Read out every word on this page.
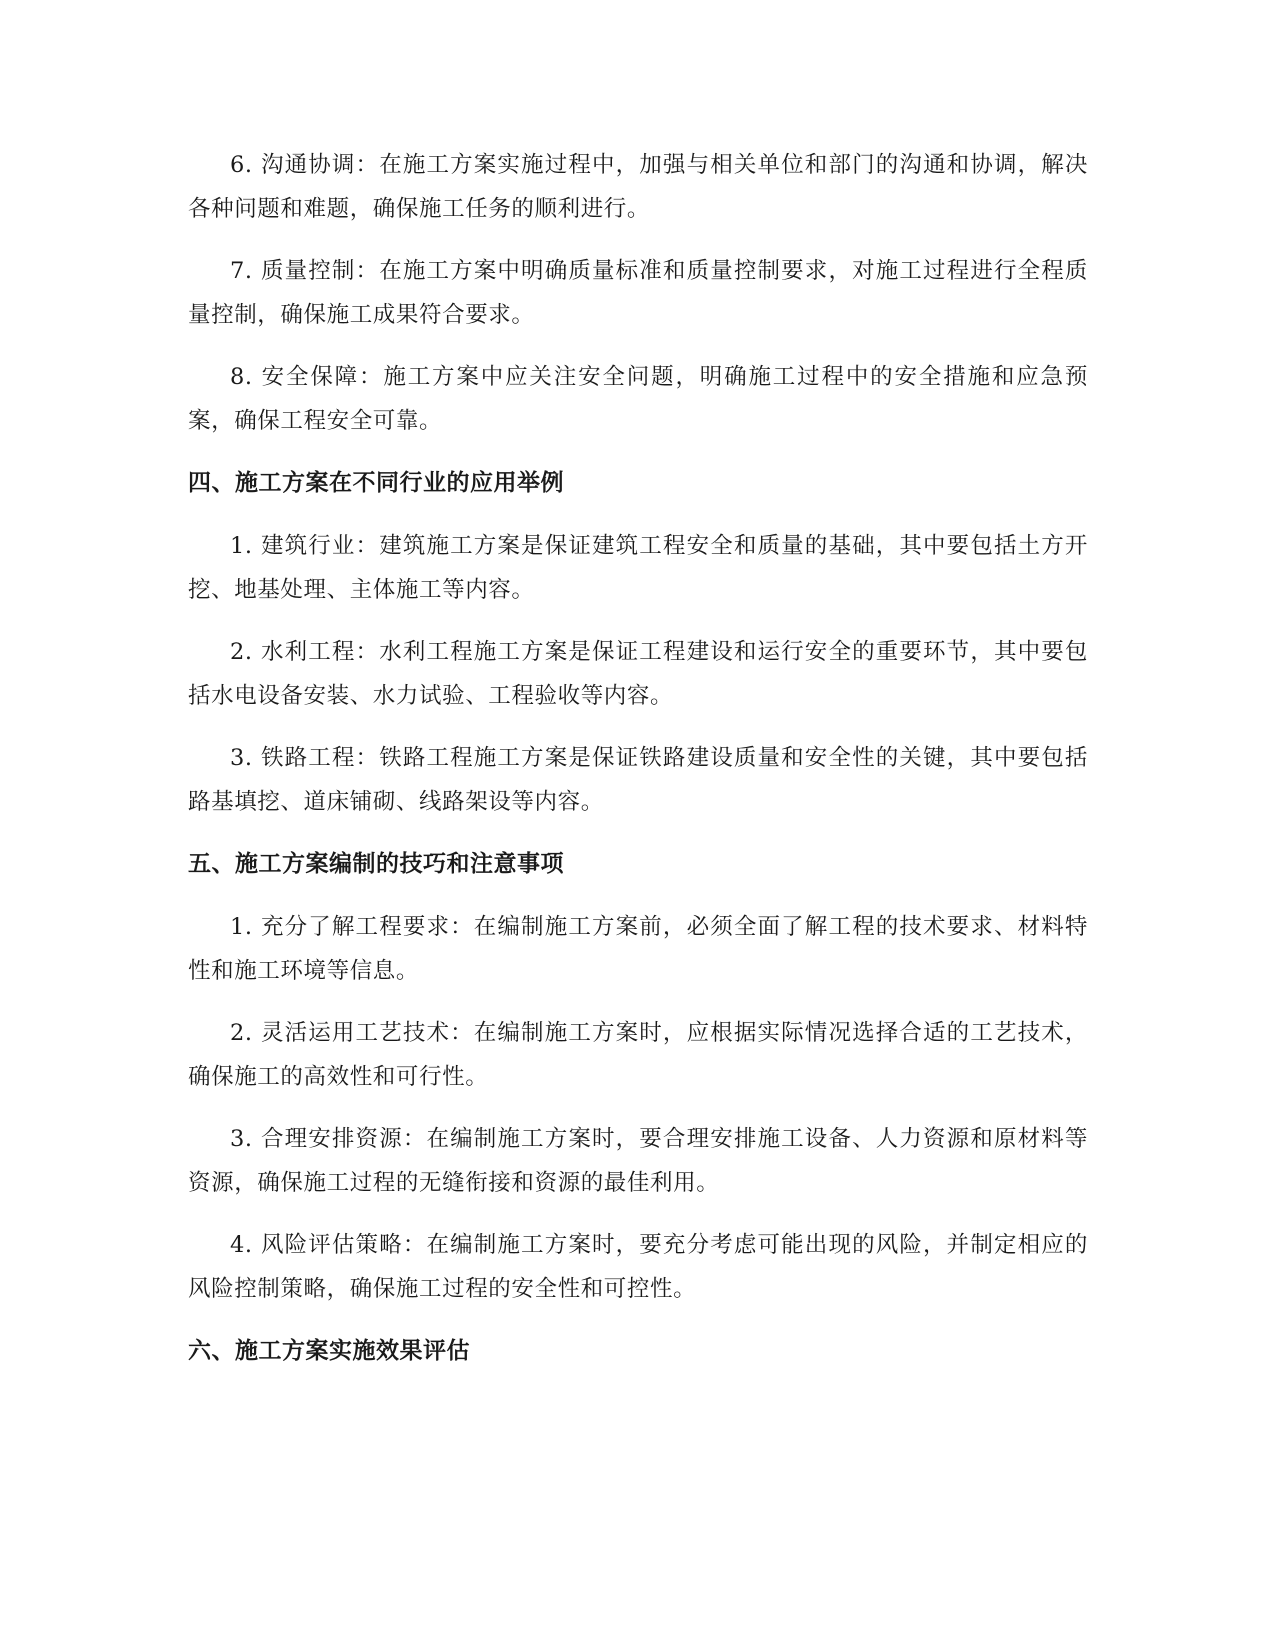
6. 沟通协调：在施工方案实施过程中，加强与相关单位和部门的沟通和协调，解决各种问题和难题，确保施工任务的顺利进行。

7. 质量控制：在施工方案中明确质量标准和质量控制要求，对施工过程进行全程质量控制，确保施工成果符合要求。

8. 安全保障：施工方案中应关注安全问题，明确施工过程中的安全措施和应急预案，确保工程安全可靠。

四、施工方案在不同行业的应用举例

1. 建筑行业：建筑施工方案是保证建筑工程安全和质量的基础，其中要包括土方开挖、地基处理、主体施工等内容。

2. 水利工程：水利工程施工方案是保证工程建设和运行安全的重要环节，其中要包括水电设备安装、水力试验、工程验收等内容。

3. 铁路工程：铁路工程施工方案是保证铁路建设质量和安全性的关键，其中要包括路基填挖、道床铺砌、线路架设等内容。

五、施工方案编制的技巧和注意事项

1. 充分了解工程要求：在编制施工方案前，必须全面了解工程的技术要求、材料特性和施工环境等信息。

2. 灵活运用工艺技术：在编制施工方案时，应根据实际情况选择合适的工艺技术，确保施工的高效性和可行性。

3. 合理安排资源：在编制施工方案时，要合理安排施工设备、人力资源和原材料等资源，确保施工过程的无缝衔接和资源的最佳利用。

4. 风险评估策略：在编制施工方案时，要充分考虑可能出现的风险，并制定相应的风险控制策略，确保施工过程的安全性和可控性。

六、施工方案实施效果评估
